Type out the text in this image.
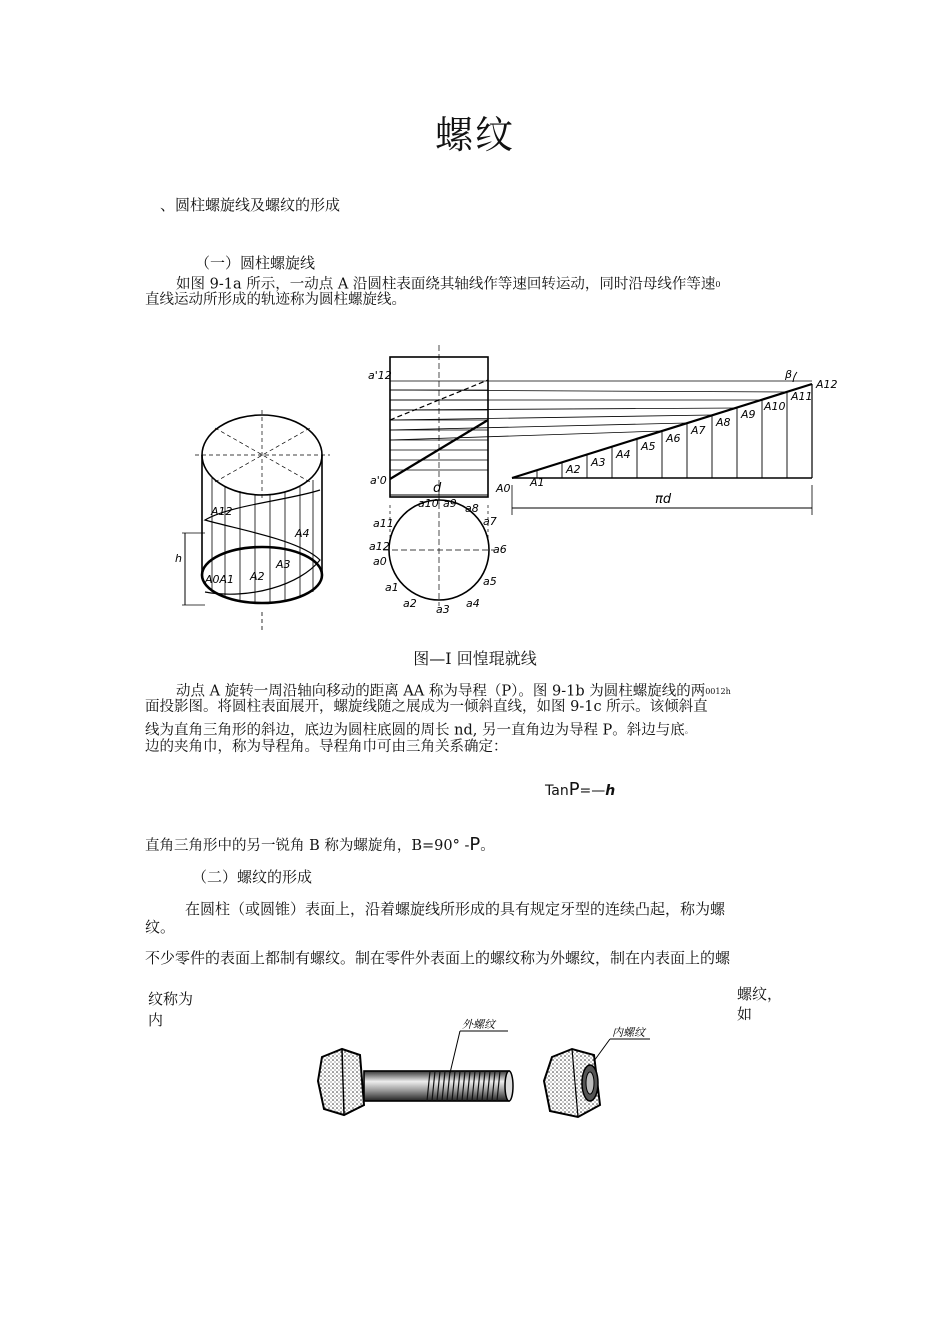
螺纹
、圆柱螺旋线及螺纹的形成
（一）圆柱螺旋线
如图 9-1a 所示，一动点 A 沿圆柱表面绕其轴线作等速回转运动，同时沿母线作等速0
直线运动所形成的轨迹称为圆柱螺旋线。
A12
A0A1 A2
A3
A4
h
a'12
a'0
d
a11
a12
a0
a1
a2 a3 a4
a5
a6
a7
a8
a9
a10
A0 A1
A2
A3
A4
A5
A6
A7
A8
A9
A10
A11
A12
β
πd
图—I 回惶琨就线
动点 A 旋转一周沿轴向移动的距离 AA 称为导程（P）。图 9-1b 为圆柱螺旋线的两0012h
面投影图。将圆柱表面展开，螺旋线随之展成为一倾斜直线，如图 9-1c 所示。该倾斜直
线为直角三角形的斜边，底边为圆柱底圆的周长 nd, 另一直角边为导程 P。斜边与底。
边的夹角巾，称为导程角。导程角巾可由三角关系确定：
TanP=—h
直角三角形中的另一锐角 B 称为螺旋角，B=90° -P。
（二）螺纹的形成
在圆柱（或圆锥）表面上，沿着螺旋线所形成的具有规定牙型的连续凸起，称为螺
纹。
不少零件的表面上都制有螺纹。制在零件外表面上的螺纹称为外螺纹，制在内表面上的螺
纹称为
内
螺纹，
如
外螺纹
内螺纹
